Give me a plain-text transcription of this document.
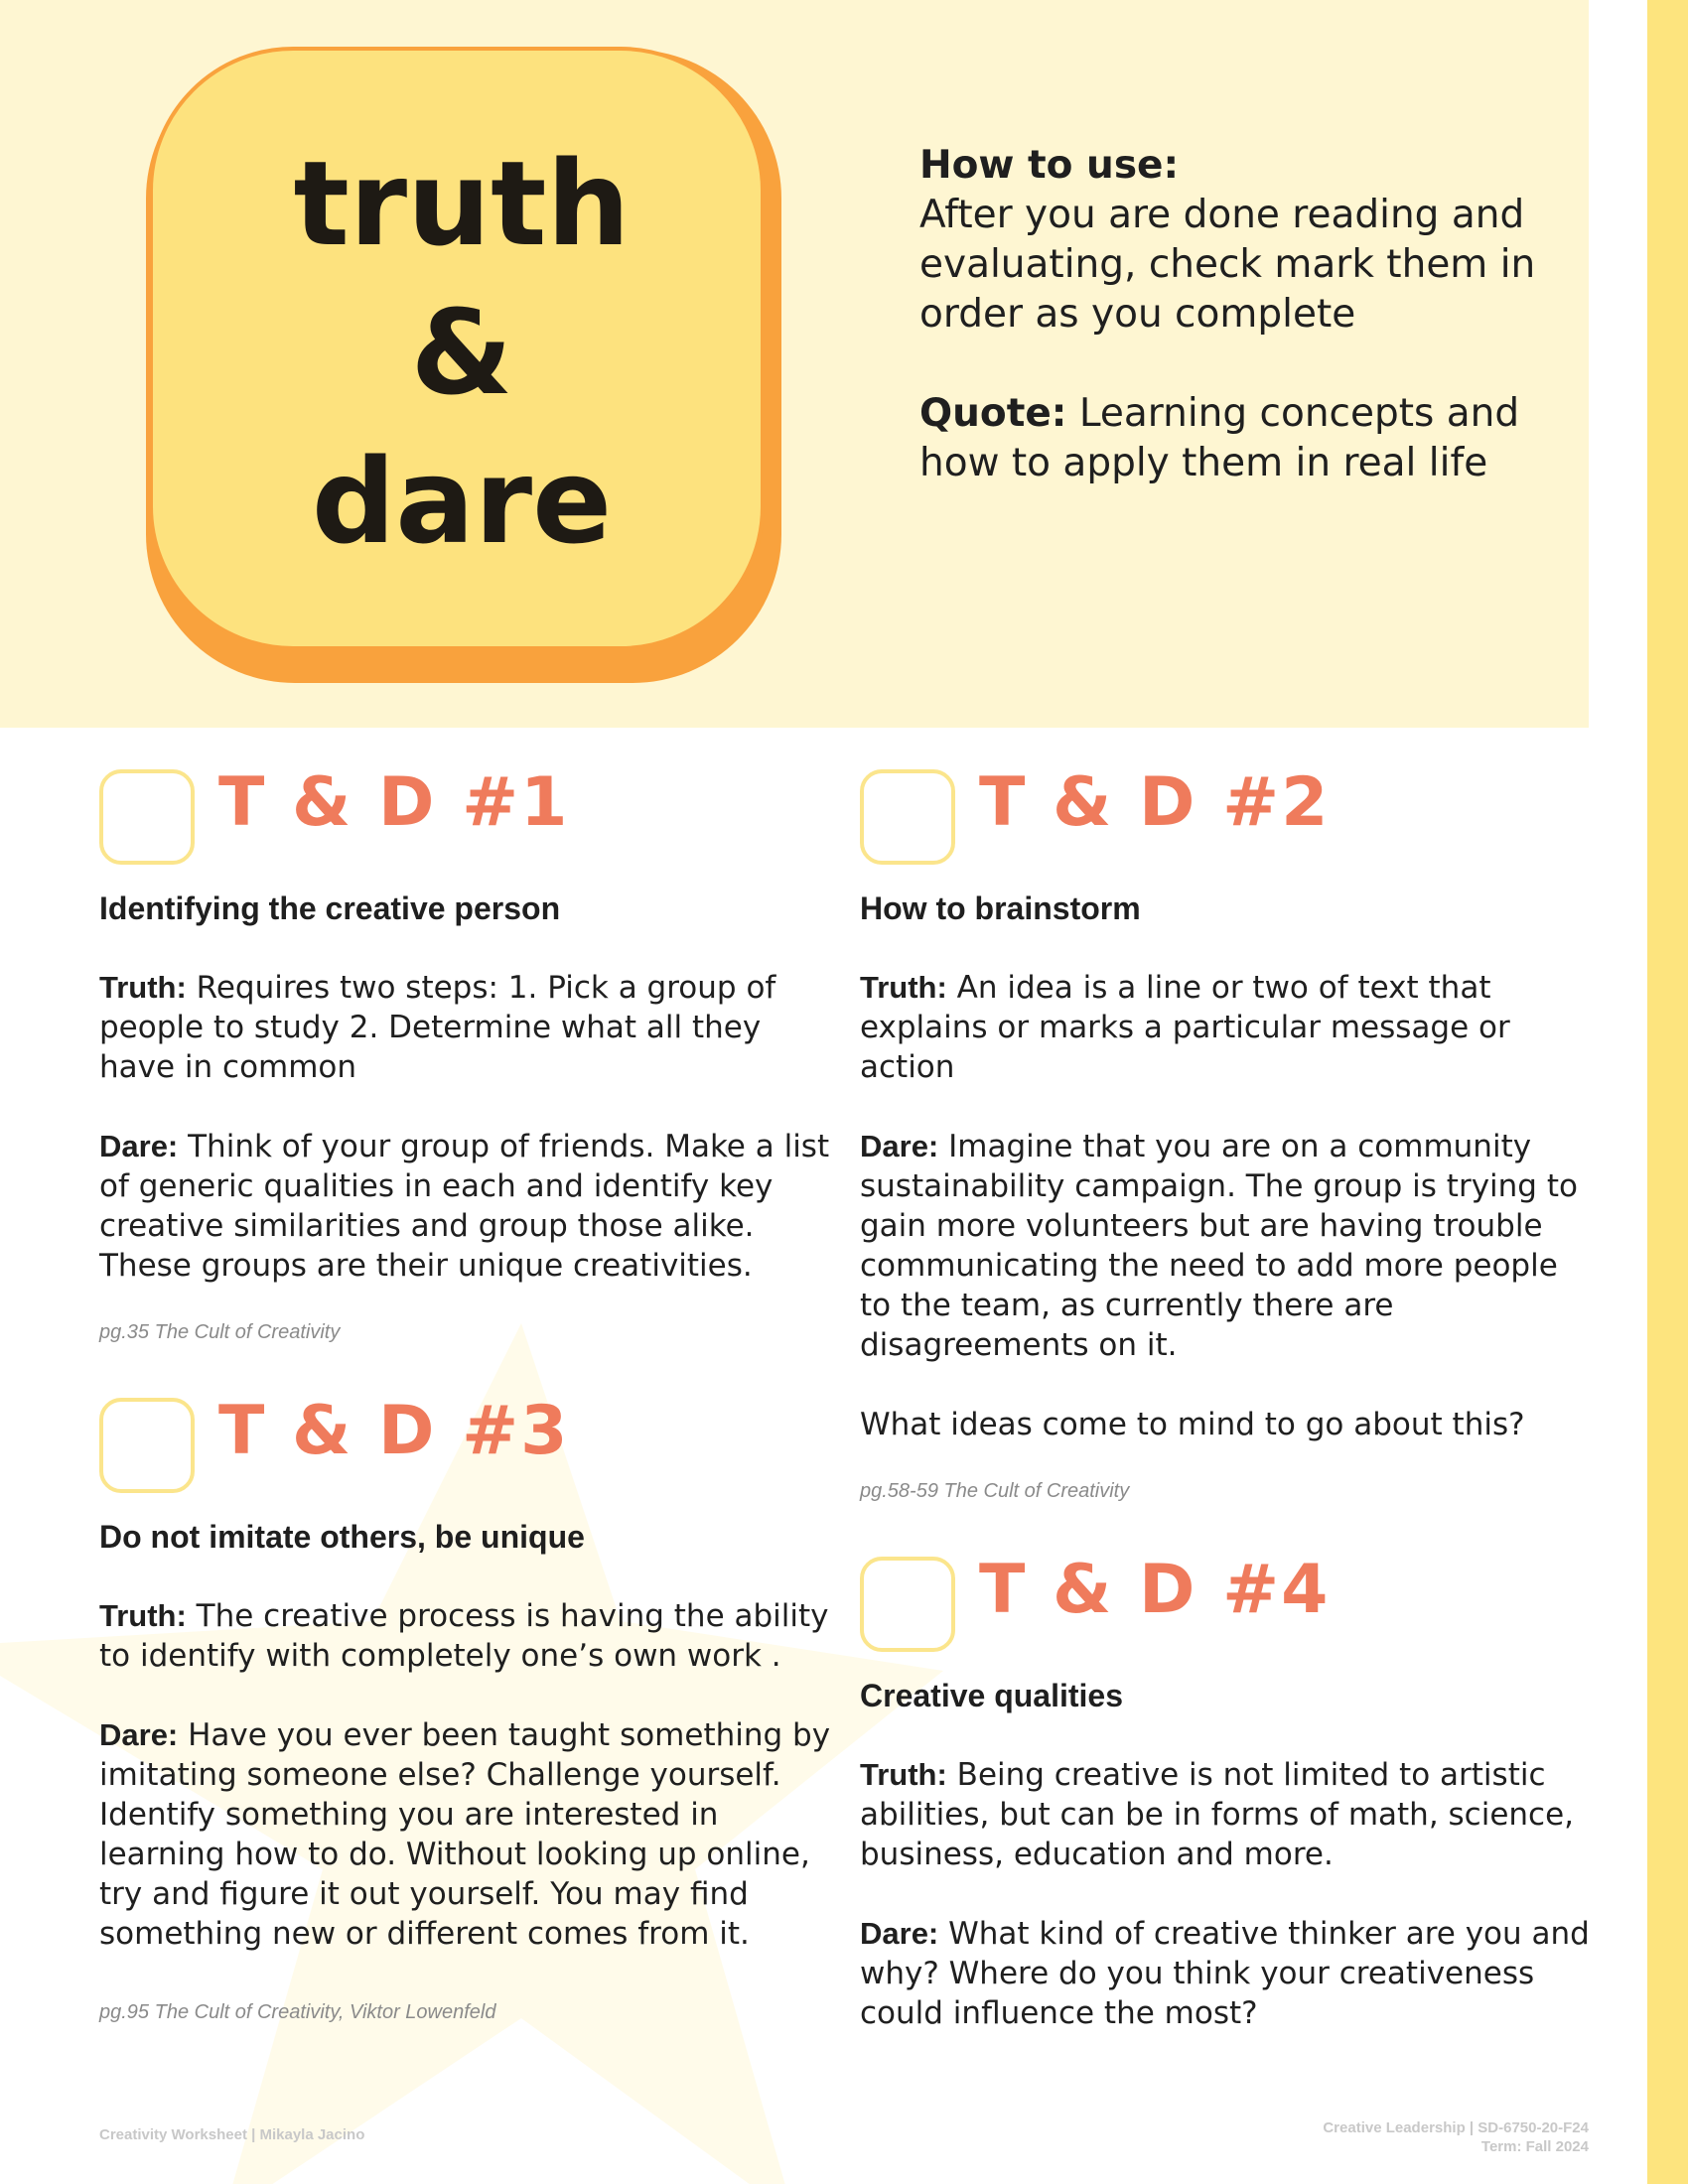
truth
&
dare

How to use:
After you are done reading and evaluating, check mark them in order as you complete

Quote: Learning concepts and how to apply them in real life

T & D #1
Identifying the creative person

Truth: Requires two steps: 1. Pick a group of people to study 2. Determine what all they have in common

Dare: Think of your group of friends. Make a list of generic qualities in each and identify key creative similarities and group those alike. These groups are their unique creativities.

pg.35 The Cult of Creativity
T & D #2
How to brainstorm

Truth: An idea is a line or two of text that explains or marks a particular message or action

Dare: Imagine that you are on a community sustainability campaign. The group is trying to gain more volunteers but are having trouble communicating the need to add more people to the team, as currently there are disagreements on it.

What ideas come to mind to go about this?

pg.58-59 The Cult of Creativity
T & D #3
Do not imitate others, be unique

Truth: The creative process is having the ability to identify with completely one’s own work .

Dare: Have you ever been taught something by imitating someone else? Challenge yourself. Identify something you are interested in learning how to do. Without looking up online, try and figure it out yourself. You may find something new or different comes from it.

pg.95 The Cult of Creativity, Viktor Lowenfeld
T & D #4
Creative qualities

Truth: Being creative is not limited to artistic abilities, but can be in forms of math, science, business, education and more.

Dare: What kind of creative thinker are you and why? Where do you think your creativeness could influence the most?

Creativity Worksheet | Mikayla Jacino	Creative Leadership | SD-6750-20-F24
Term: Fall 2024
